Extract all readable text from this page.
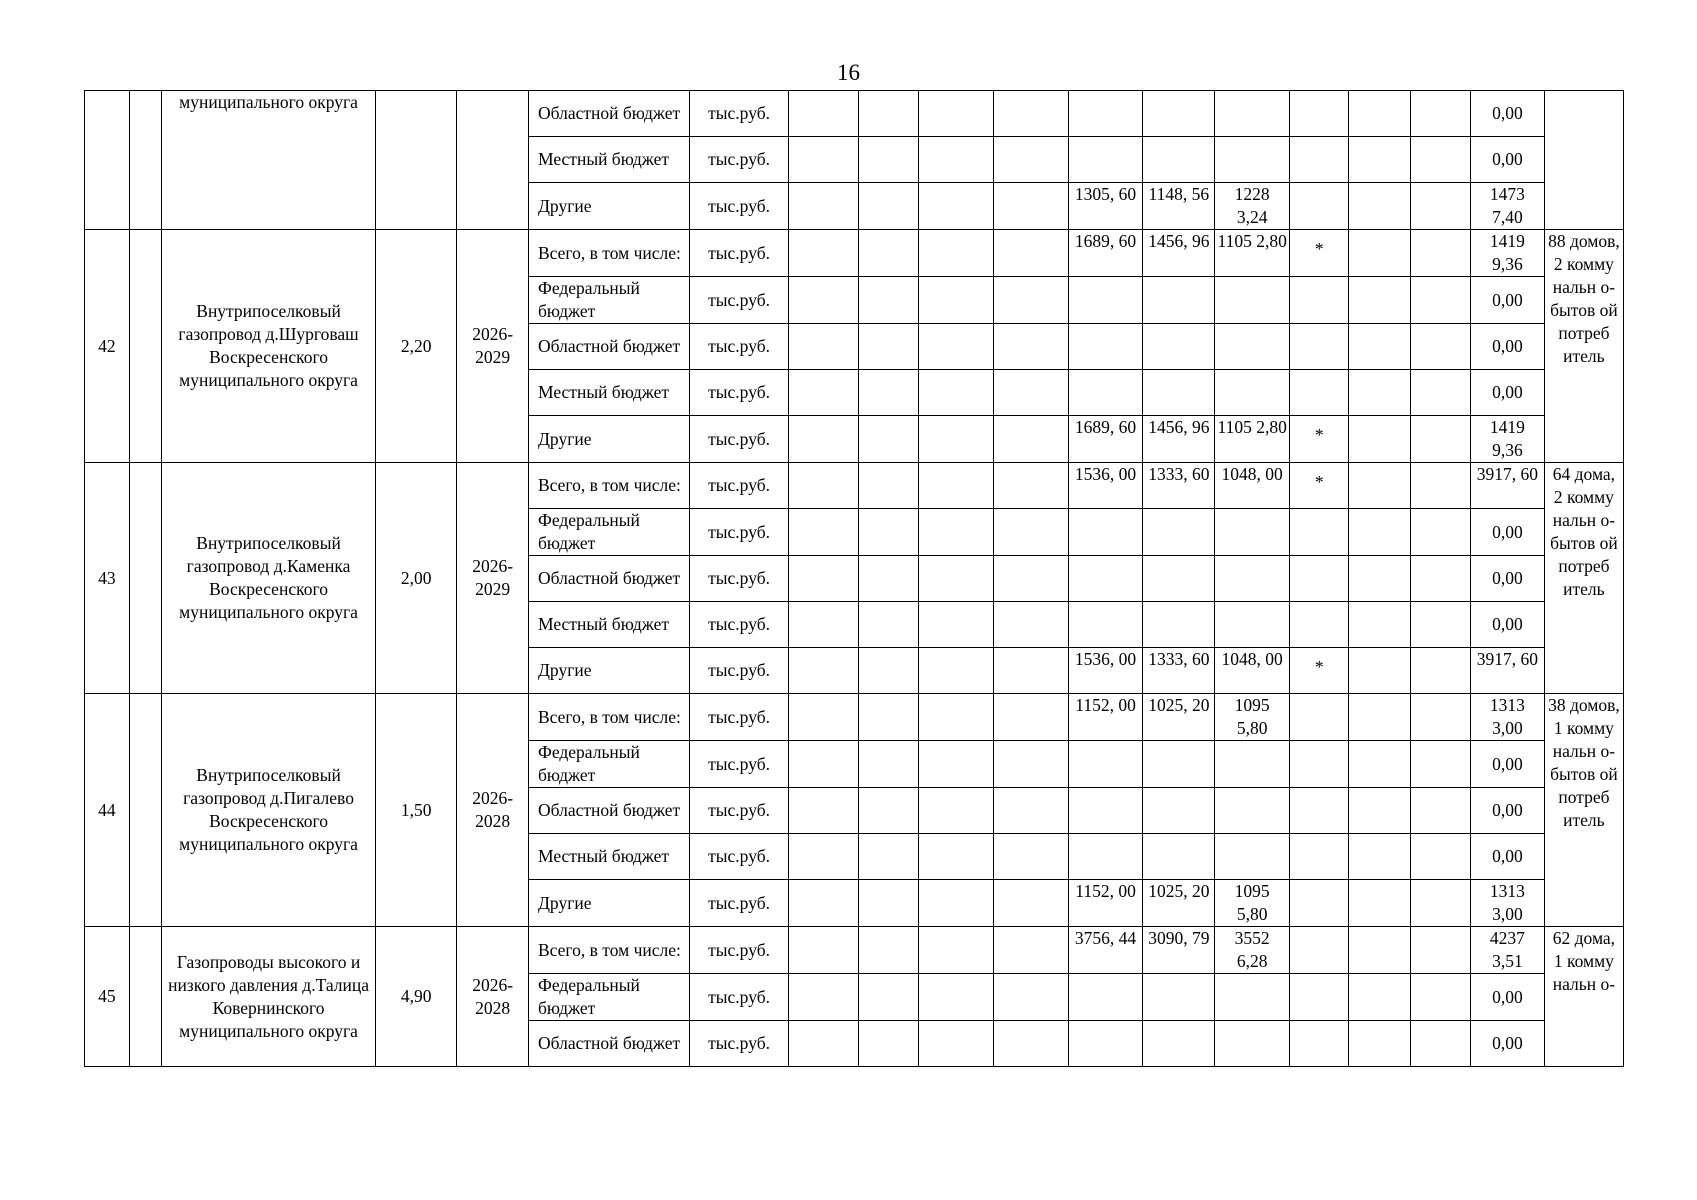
16
		муниципального округа			Областной бюджет	тыс.руб.											0,00	
					Местный бюджет	тыс.руб.											0,00	
					Другие	тыс.руб.					1305, 60	1148, 56	1228 3,24				1473 7,40	
42		Внутрипоселковый газопровод д.Шурговаш Воскресенского муниципального округа	2,20	2026- 2029	Всего, в том числе:	тыс.руб.					1689, 60	1456, 96	1105 2,80	*			1419 9,36	88 домов, 2 комму нальн о- бытов ой потреб итель
					Федеральный бюджет	тыс.руб.											0,00	
					Областной бюджет	тыс.руб.											0,00	
					Местный бюджет	тыс.руб.											0,00	
					Другие	тыс.руб.					1689, 60	1456, 96	1105 2,80	*			1419 9,36	
43		Внутрипоселковый газопровод д.Каменка Воскресенского муниципального округа	2,00	2026- 2029	Всего, в том числе:	тыс.руб.					1536, 00	1333, 60	1048, 00	*			3917, 60	64 дома, 2 комму нальн о- бытов ой потреб итель
					Федеральный бюджет	тыс.руб.											0,00	
					Областной бюджет	тыс.руб.											0,00	
					Местный бюджет	тыс.руб.											0,00	
					Другие	тыс.руб.					1536, 00	1333, 60	1048, 00	*			3917, 60	
44		Внутрипоселковый газопровод д.Пигалево Воскресенского муниципального округа	1,50	2026- 2028	Всего, в том числе:	тыс.руб.					1152, 00	1025, 20	1095 5,80				1313 3,00	38 домов, 1 комму нальн о- бытов ой потреб итель
					Федеральный бюджет	тыс.руб.											0,00	
					Областной бюджет	тыс.руб.											0,00	
					Местный бюджет	тыс.руб.											0,00	
					Другие	тыс.руб.					1152, 00	1025, 20	1095 5,80				1313 3,00	
45		Газопроводы высокого и низкого давления д.Талица Ковернинского муниципального округа	4,90	2026- 2028	Всего, в том числе:	тыс.руб.					3756, 44	3090, 79	3552 6,28				4237 3,51	62 дома, 1 комму нальн о-
					Федеральный бюджет	тыс.руб.											0,00	
					Областной бюджет	тыс.руб.											0,00	
